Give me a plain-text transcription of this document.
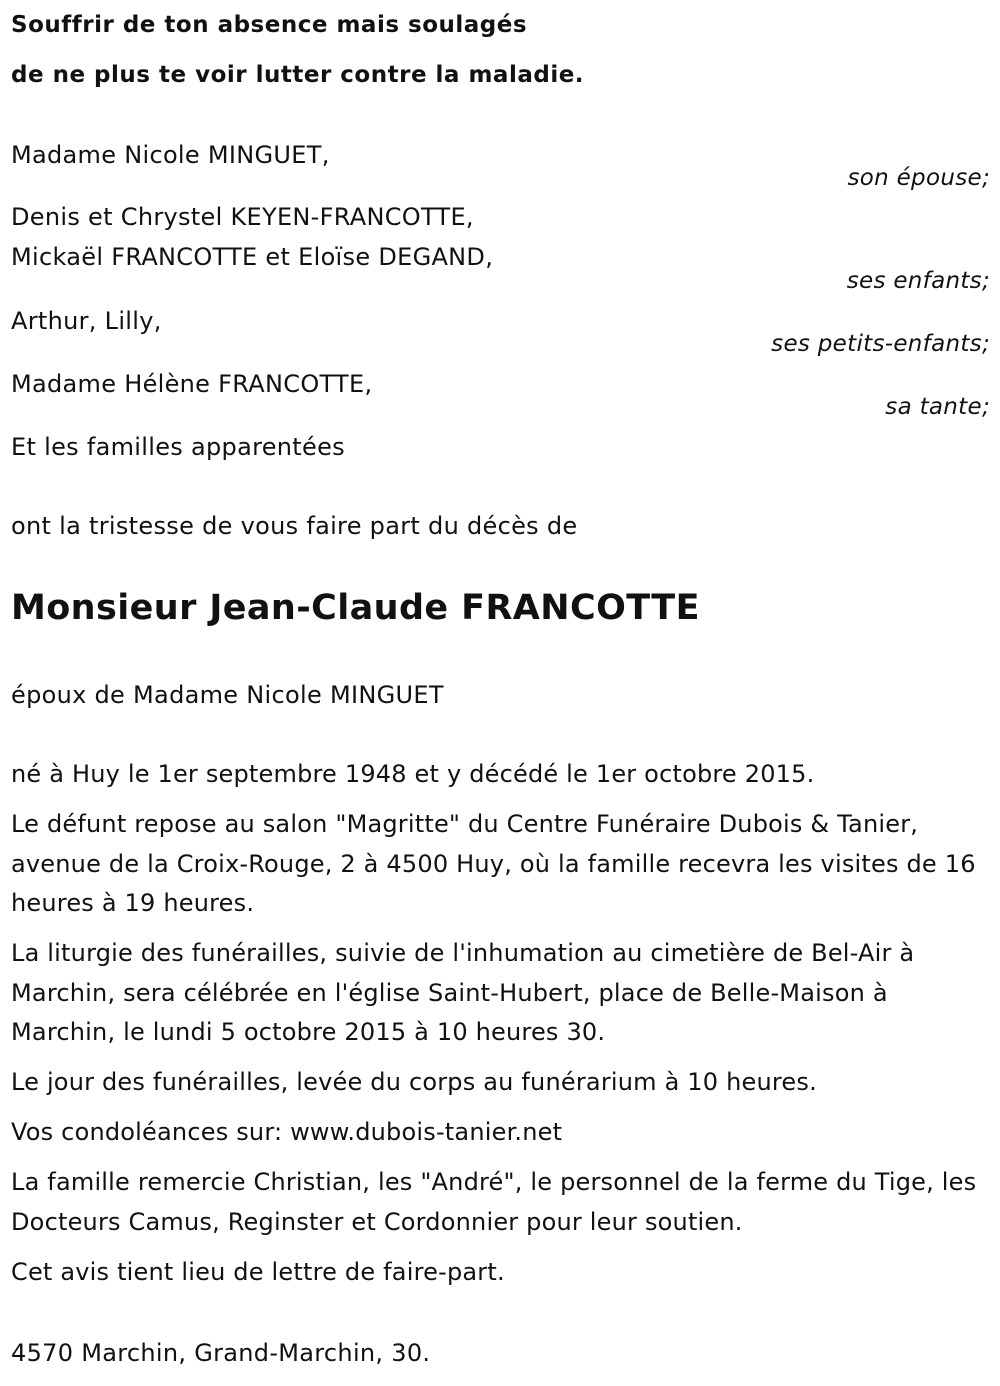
Souffrir de ton absence mais soulagés
de ne plus te voir lutter contre la maladie.
Madame Nicole MINGUET,
son épouse;
Denis et Chrystel KEYEN-FRANCOTTE,
Mickaël FRANCOTTE et Eloïse DEGAND,
ses enfants;
Arthur, Lilly,
ses petits-enfants;
Madame Hélène FRANCOTTE,
sa tante;
Et les familles apparentées
ont la tristesse de vous faire part du décès de
Monsieur Jean-Claude FRANCOTTE
époux de Madame Nicole MINGUET
né à Huy le 1er septembre 1948 et y décédé le 1er octobre 2015.
Le défunt repose au salon "Magritte" du Centre Funéraire Dubois & Tanier, avenue de la Croix-Rouge, 2 à 4500 Huy, où la famille recevra les visites de 16 heures à 19 heures.
La liturgie des funérailles, suivie de l'inhumation au cimetière de Bel-Air à Marchin, sera célébrée en l'église Saint-Hubert, place de Belle-Maison à Marchin, le lundi 5 octobre 2015 à 10 heures 30.
Le jour des funérailles, levée du corps au funérarium à 10 heures.
Vos condoléances sur: www.dubois-tanier.net
La famille remercie Christian, les "André", le personnel de la ferme du Tige, les Docteurs Camus, Reginster et Cordonnier pour leur soutien.
Cet avis tient lieu de lettre de faire-part.
4570 Marchin, Grand-Marchin, 30.
